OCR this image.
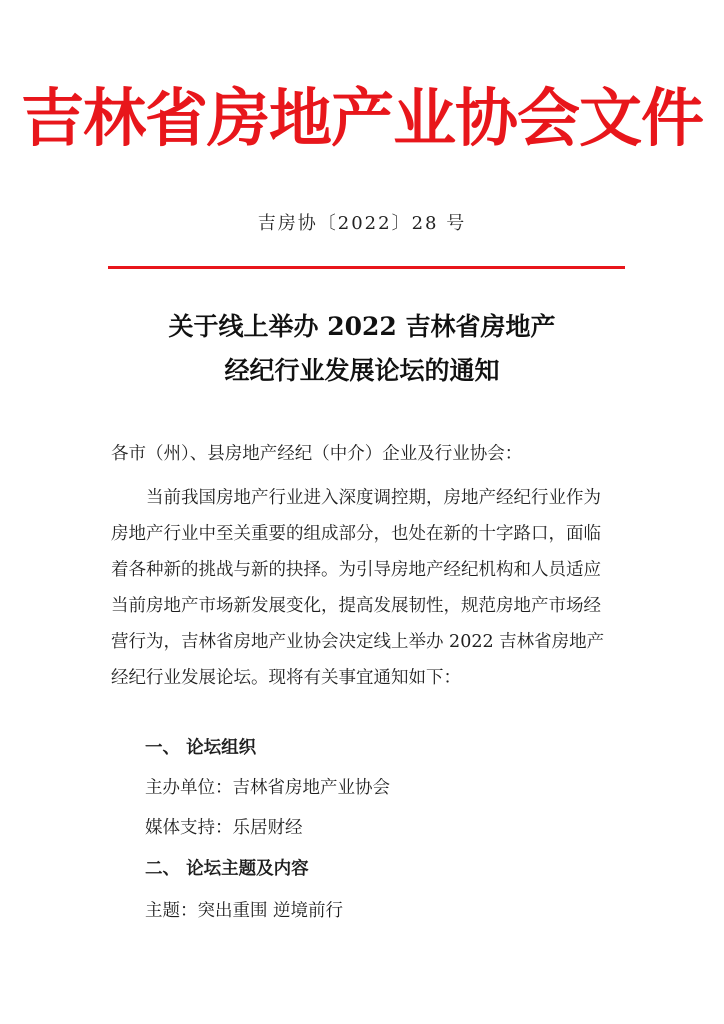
吉林省房地产业协会文件
吉房协〔2022〕28 号
关于线上举办 2022 吉林省房地产
经纪行业发展论坛的通知
各市（州）、县房地产经纪（中介）企业及行业协会：
　　当前我国房地产行业进入深度调控期，房地产经纪行业作为
房地产行业中至关重要的组成部分，也处在新的十字路口，面临
着各种新的挑战与新的抉择。为引导房地产经纪机构和人员适应
当前房地产市场新发展变化，提高发展韧性，规范房地产市场经
营行为，吉林省房地产业协会决定线上举办 2022 吉林省房地产
经纪行业发展论坛。现将有关事宜通知如下：
一、 论坛组织
主办单位：吉林省房地产业协会
媒体支持：乐居财经
二、 论坛主题及内容
主题：突出重围 逆境前行
